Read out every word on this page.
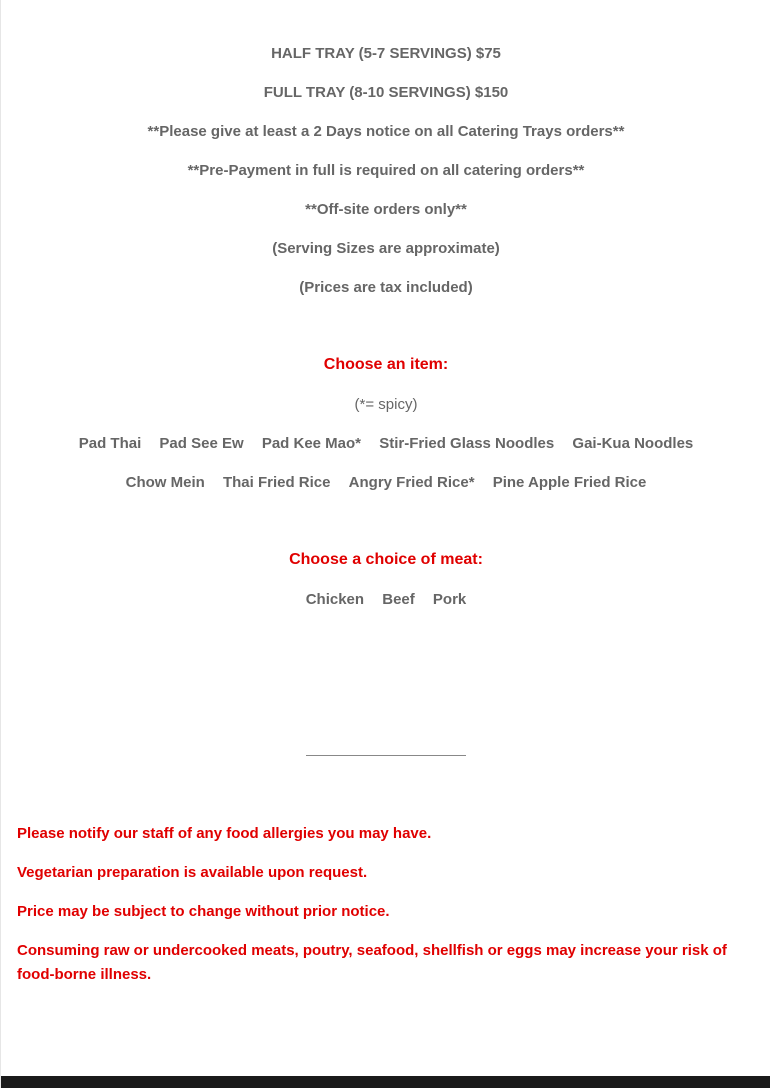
HALF TRAY (5-7 SERVINGS) $75
FULL TRAY (8-10 SERVINGS) $150
**Please give at least a 2 Days notice on all Catering Trays orders**
**Pre-Payment in full is required on all catering orders**
**Off-site orders only**
(Serving Sizes are approximate)
(Prices are tax included)
Choose an item:
(*= spicy)
Pad Thai Pad See Ew Pad Kee Mao* Stir-Fried Glass Noodles Gai-Kua Noodles
Chow Mein Thai Fried Rice Angry Fried Rice* Pine Apple Fried Rice
Choose a choice of meat:
Chicken Beef Pork
Please notify our staff of any food allergies you may have.
Vegetarian preparation is available upon request.
Price may be subject to change without prior notice.
Consuming raw or undercooked meats, poutry, seafood, shellfish or eggs may increase your risk of food-borne illness.
